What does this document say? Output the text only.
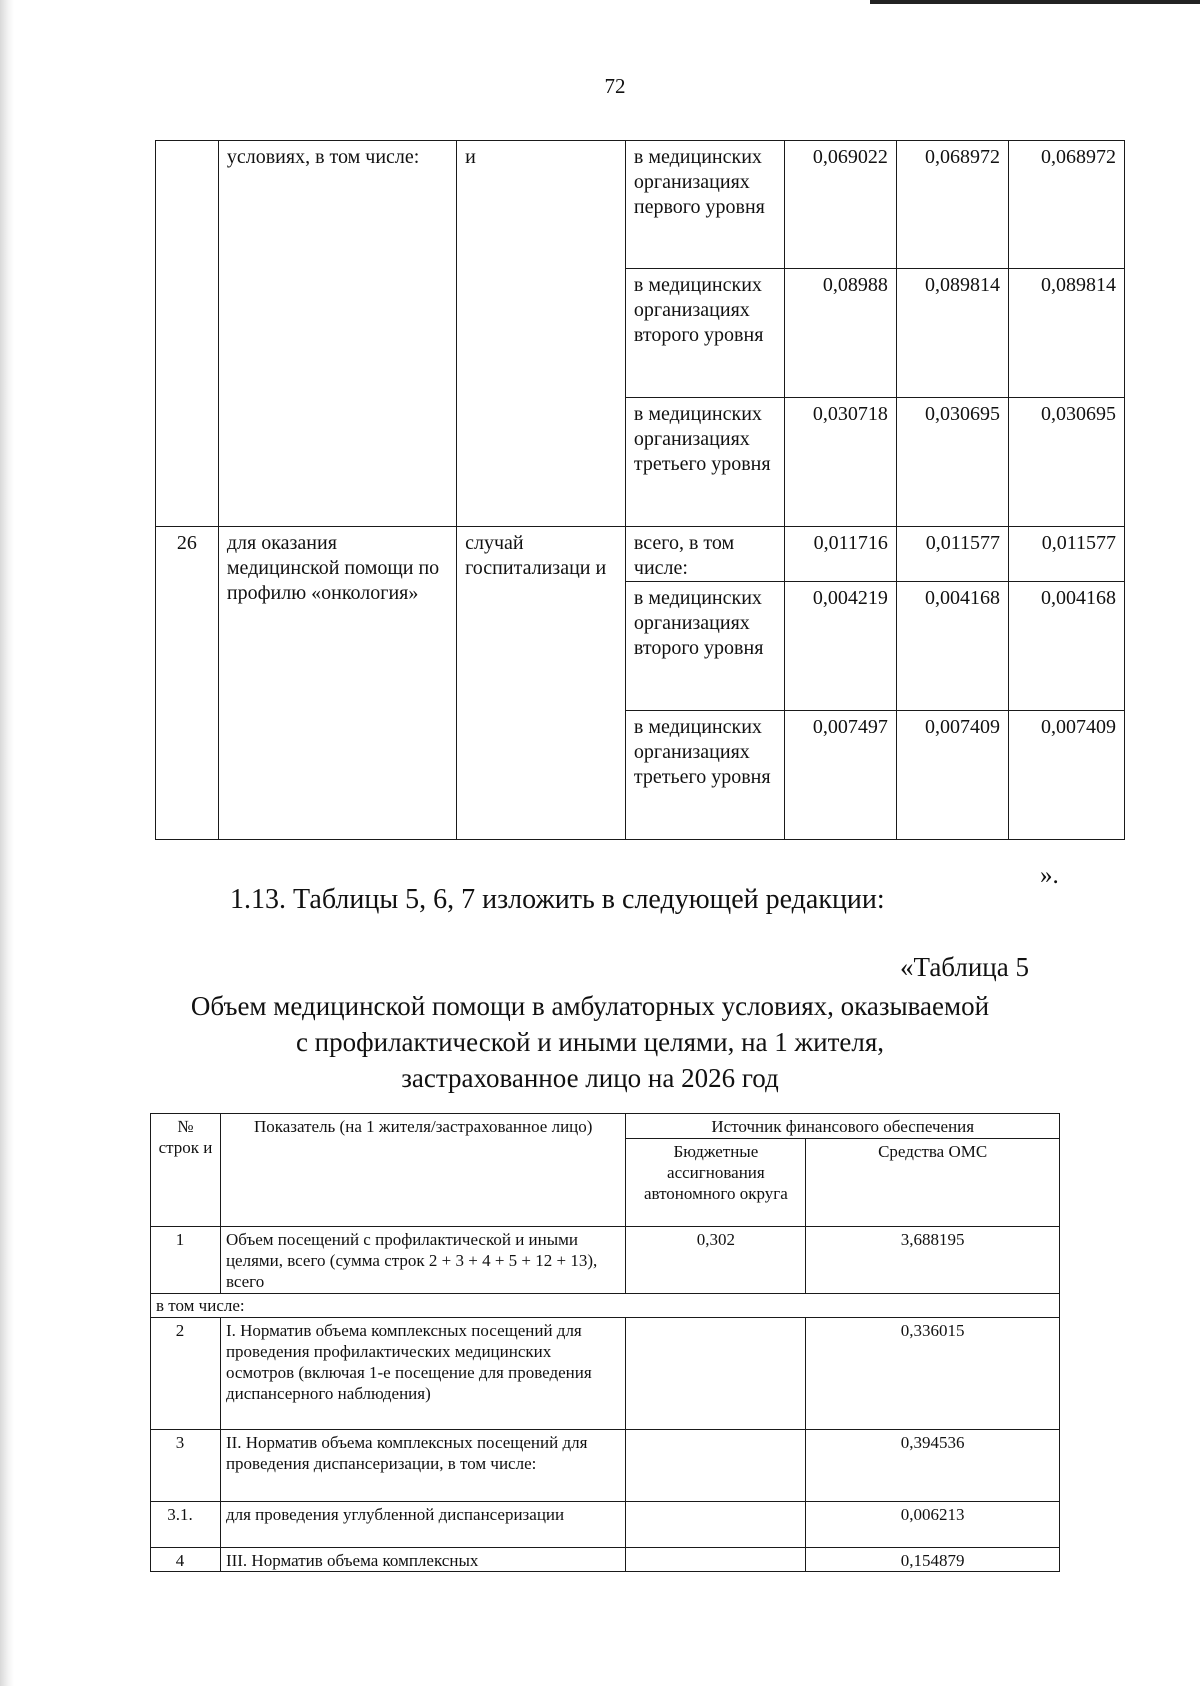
72
	условиях, в том числе:	и	в медицинских организациях первого уровня	0,069022	0,068972	0,068972
			в медицинских организациях второго уровня	0,08988	0,089814	0,089814
			в медицинских организациях третьего уровня	0,030718	0,030695	0,030695
26	для оказания медицинской помощи по профилю «онкология»	случай госпитализаци и	всего, в том числе:	0,011716	0,011577	0,011577
			в медицинских организациях второго уровня	0,004219	0,004168	0,004168
			в медицинских организациях третьего уровня	0,007497	0,007409	0,007409
».
1.13. Таблицы 5, 6, 7 изложить в следующей редакции:
«Таблица 5
Объем медицинской помощи в амбулаторных условиях, оказываемой
с профилактической и иными целями, на 1 жителя,
застрахованное лицо на 2026 год
№ строк и	Показатель (на 1 жителя/застрахованное лицо)	Источник финансового обеспечения	
		Бюджетные ассигнования автономного округа	Средства ОМС
1	Объем посещений с профилактической и иными целями, всего (сумма строк 2 + 3 + 4 + 5 + 12 + 13), всего	0,302	3,688195
в том числе:			
2	I. Норматив объема комплексных посещений для проведения профилактических медицинских осмотров (включая 1-е посещение для проведения диспансерного наблюдения)		0,336015
3	II. Норматив объема комплексных посещений для проведения диспансеризации, в том числе:		0,394536
3.1.	для проведения углубленной диспансеризации		0,006213
4	III. Норматив объема комплексных		0,154879
